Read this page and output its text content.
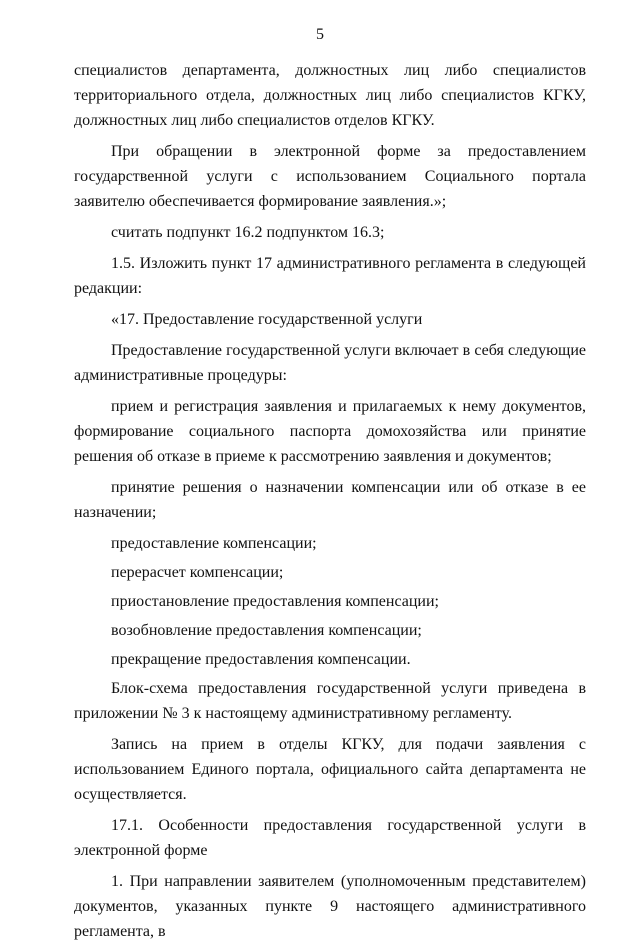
5

специалистов департамента, должностных лиц либо специалистов территориального отдела, должностных лиц либо специалистов КГКУ, должностных лиц либо специалистов отделов КГКУ.

При обращении в электронной форме за предоставлением государственной услуги с использованием Социального портала заявителю обеспечивается формирование заявления.»;

считать подпункт 16.2 подпунктом 16.3;

1.5. Изложить пункт 17 административного регламента в следующей редакции:

«17. Предоставление государственной услуги

Предоставление государственной услуги включает в себя следующие административные процедуры:

прием и регистрация заявления и прилагаемых к нему документов, формирование социального паспорта домохозяйства или принятие решения об отказе в приеме к рассмотрению заявления и документов;

принятие решения о назначении компенсации или об отказе в ее назначении;

предоставление компенсации;

перерасчет компенсации;

приостановление предоставления компенсации;

возобновление предоставления компенсации;

прекращение предоставления компенсации.

Блок-схема предоставления государственной услуги приведена в приложении № 3 к настоящему административному регламенту.

Запись на прием в отделы КГКУ, для подачи заявления с использованием Единого портала, официального сайта департамента не осуществляется.

17.1. Особенности предоставления государственной услуги в электронной форме

1. При направлении заявителем (уполномоченным представителем) документов, указанных пункте 9 настоящего административного регламента, в
